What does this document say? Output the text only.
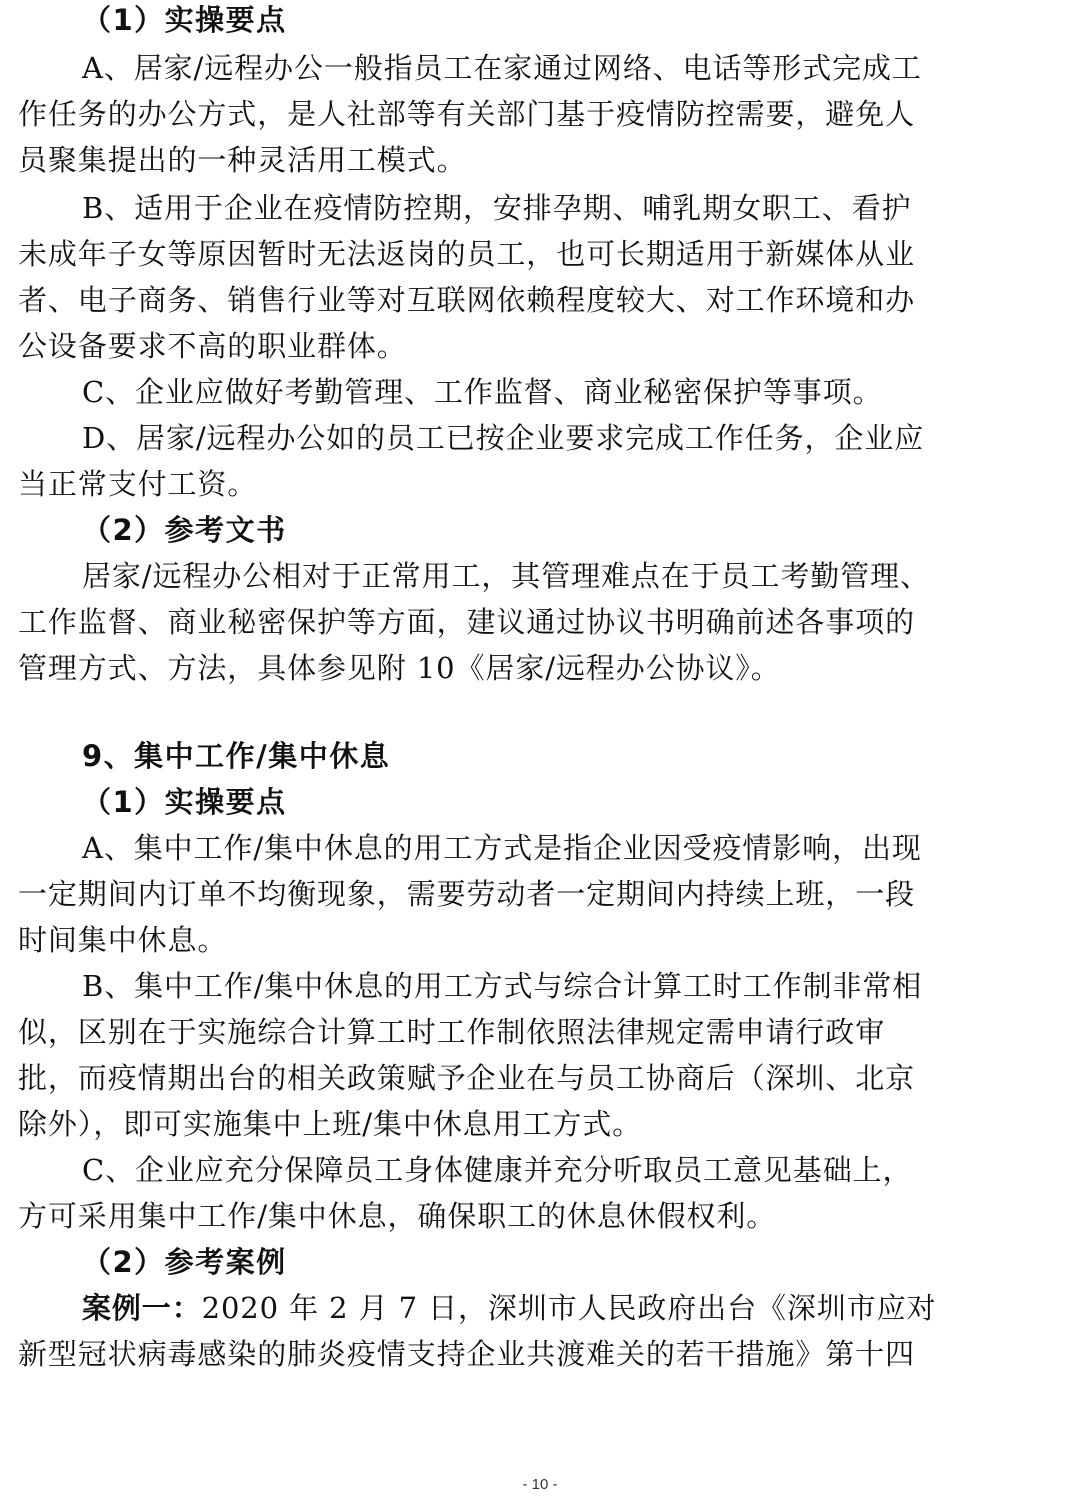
（1）实操要点
A、居家/远程办公一般指员工在家通过网络、电话等形式完成工
作任务的办公方式，是人社部等有关部门基于疫情防控需要，避免人
员聚集提出的一种灵活用工模式。
B、适用于企业在疫情防控期，安排孕期、哺乳期女职工、看护
未成年子女等原因暂时无法返岗的员工，也可长期适用于新媒体从业
者、电子商务、销售行业等对互联网依赖程度较大、对工作环境和办
公设备要求不高的职业群体。
C、企业应做好考勤管理、工作监督、商业秘密保护等事项。
D、居家/远程办公如的员工已按企业要求完成工作任务，企业应
当正常支付工资。
（2）参考文书
居家/远程办公相对于正常用工，其管理难点在于员工考勤管理、
工作监督、商业秘密保护等方面，建议通过协议书明确前述各事项的
管理方式、方法，具体参见附 10《居家/远程办公协议》。
9、集中工作/集中休息
（1）实操要点
A、集中工作/集中休息的用工方式是指企业因受疫情影响，出现
一定期间内订单不均衡现象，需要劳动者一定期间内持续上班，一段
时间集中休息。
B、集中工作/集中休息的用工方式与综合计算工时工作制非常相
似，区别在于实施综合计算工时工作制依照法律规定需申请行政审
批，而疫情期出台的相关政策赋予企业在与员工协商后（深圳、北京
除外），即可实施集中上班/集中休息用工方式。
C、企业应充分保障员工身体健康并充分听取员工意见基础上，
方可采用集中工作/集中休息，确保职工的休息休假权利。
（2）参考案例
案例一：2020 年 2 月 7 日，深圳市人民政府出台《深圳市应对
新型冠状病毒感染的肺炎疫情支持企业共渡难关的若干措施》第十四
- 10 -
